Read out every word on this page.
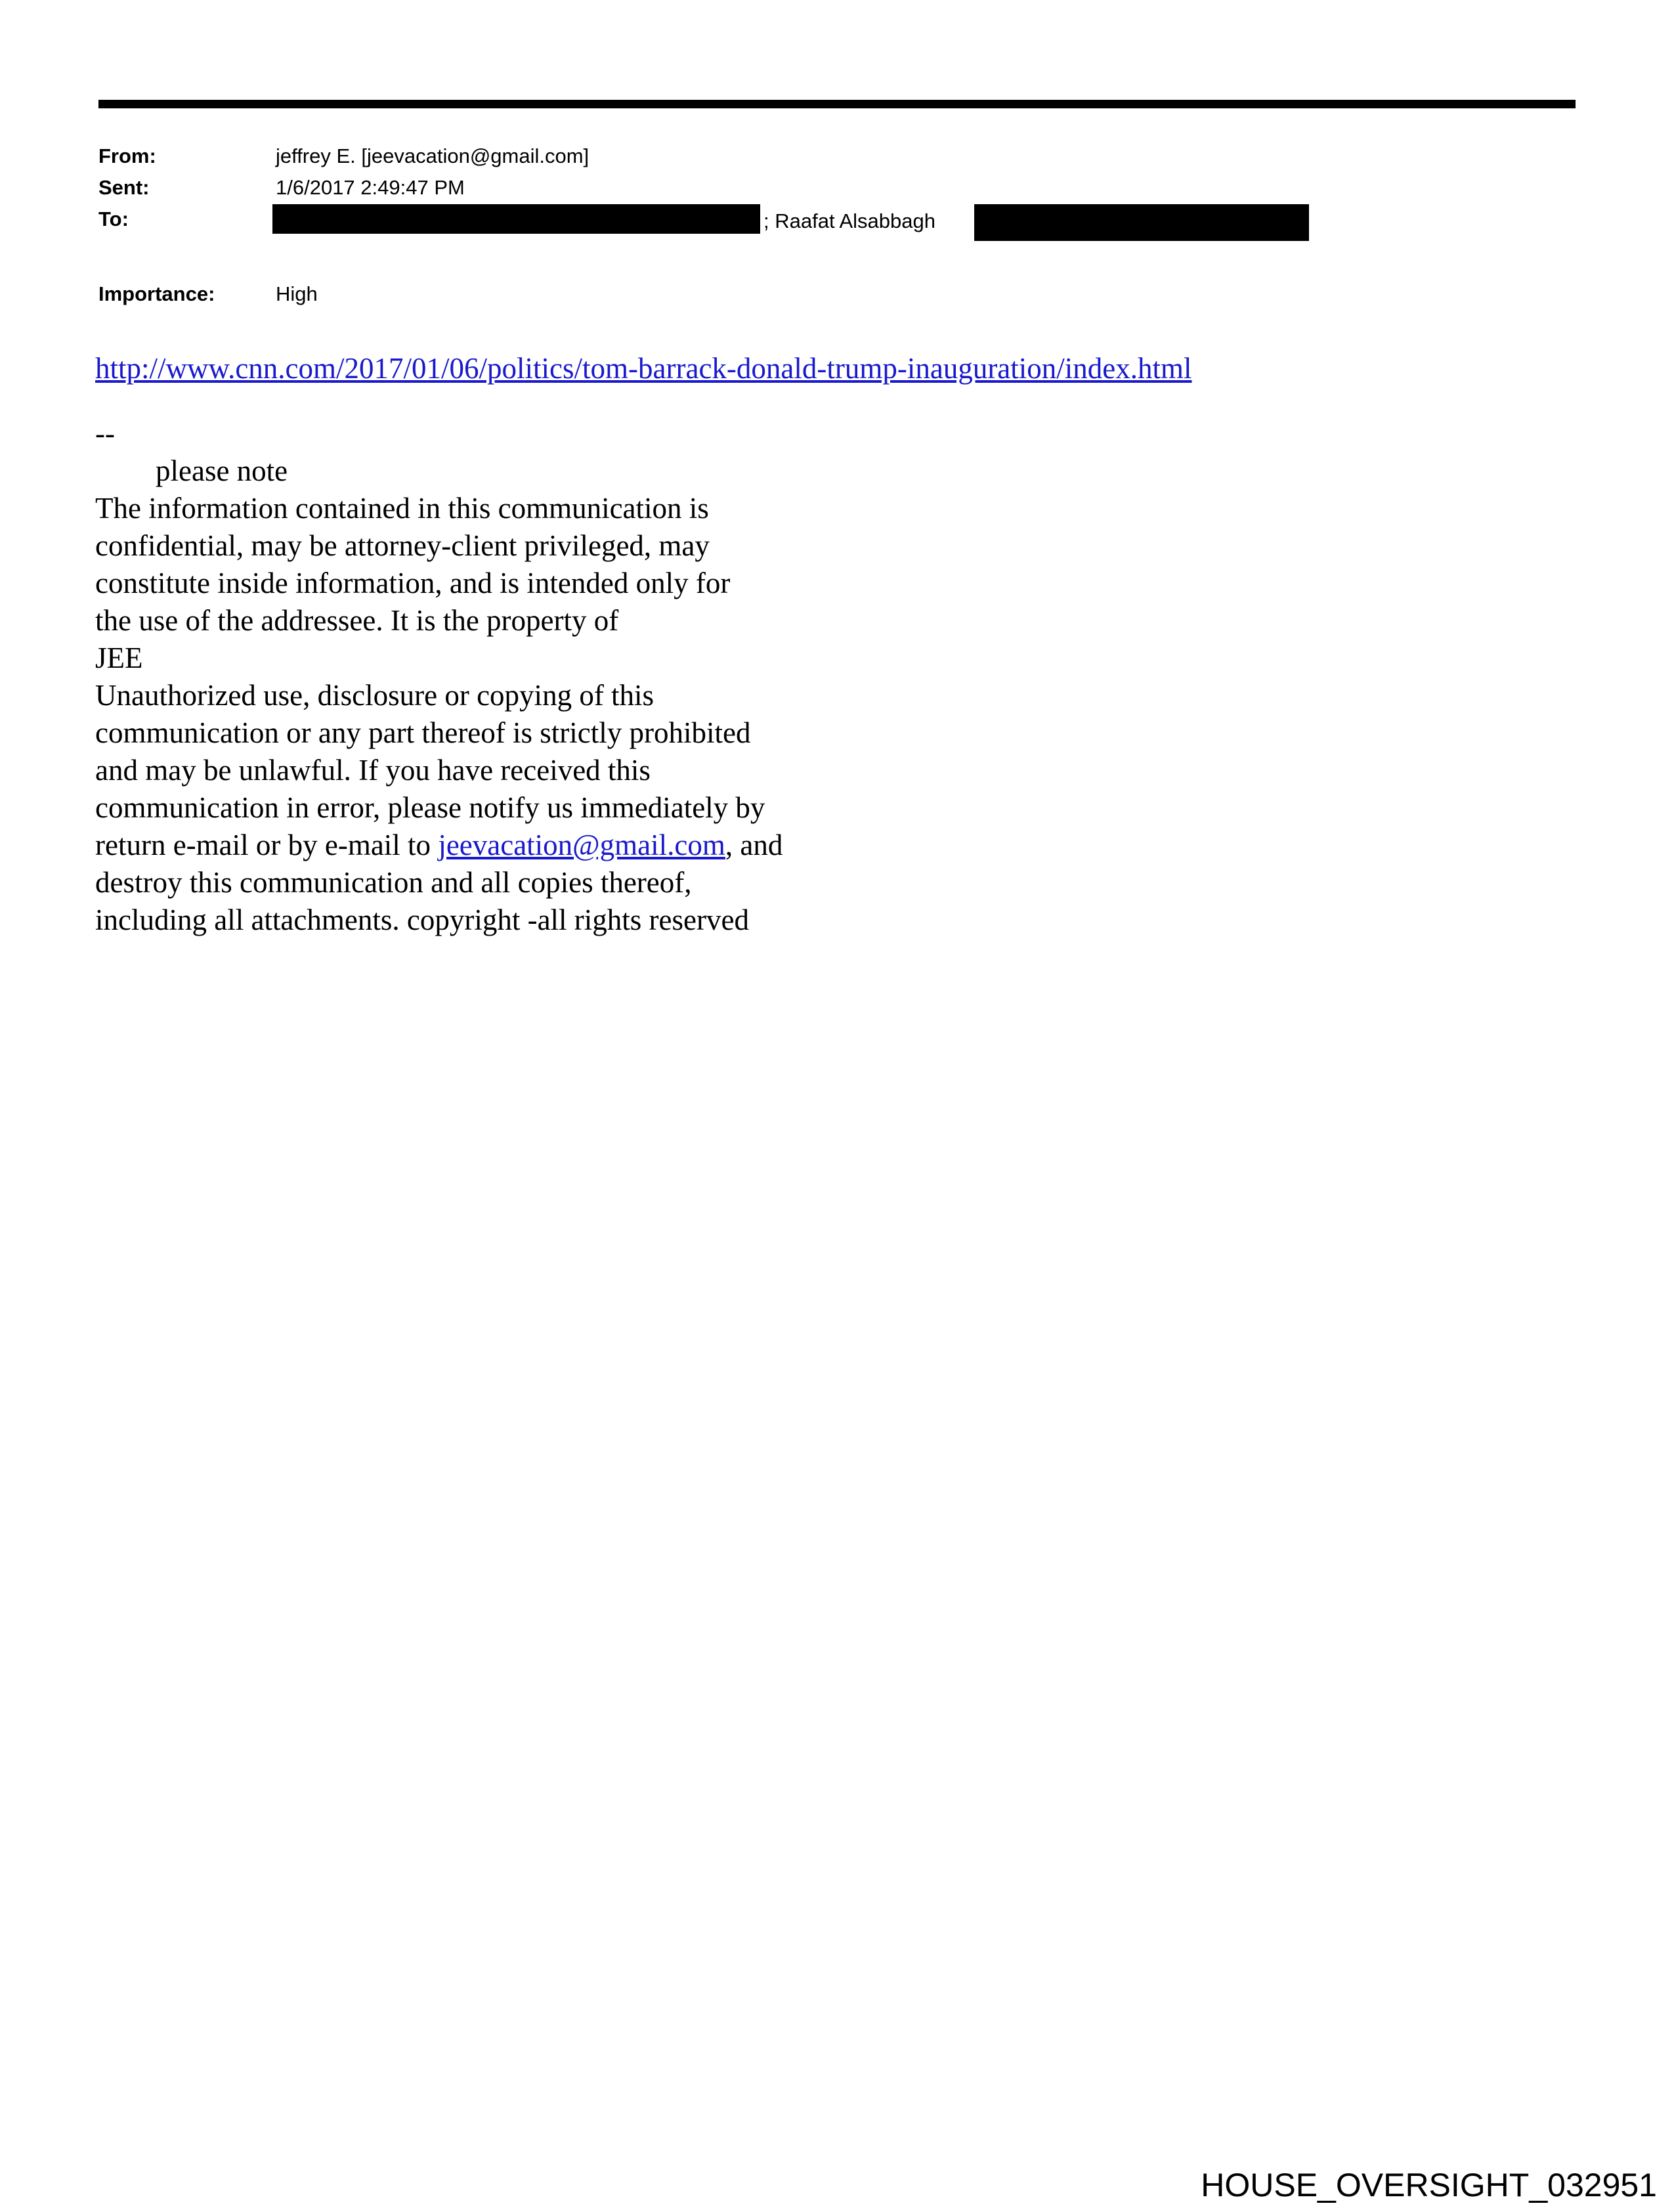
From:	jeffrey E. [jeevacation@gmail.com]
Sent:	1/6/2017 2:49:47 PM
To:	; Raafat Alsabbagh
Importance:	High
http://www.cnn.com/2017/01/06/politics/tom-barrack-donald-trump-inauguration/index.html
--
please note
The information contained in this communication is
confidential, may be attorney-client privileged, may
constitute inside information, and is intended only for
the use of the addressee. It is the property of
JEE
Unauthorized use, disclosure or copying of this
communication or any part thereof is strictly prohibited
and may be unlawful. If you have received this
communication in error, please notify us immediately by
return e-mail or by e-mail to jeevacation@gmail.com, and
destroy this communication and all copies thereof,
including all attachments. copyright -all rights reserved
HOUSE_OVERSIGHT_032951
